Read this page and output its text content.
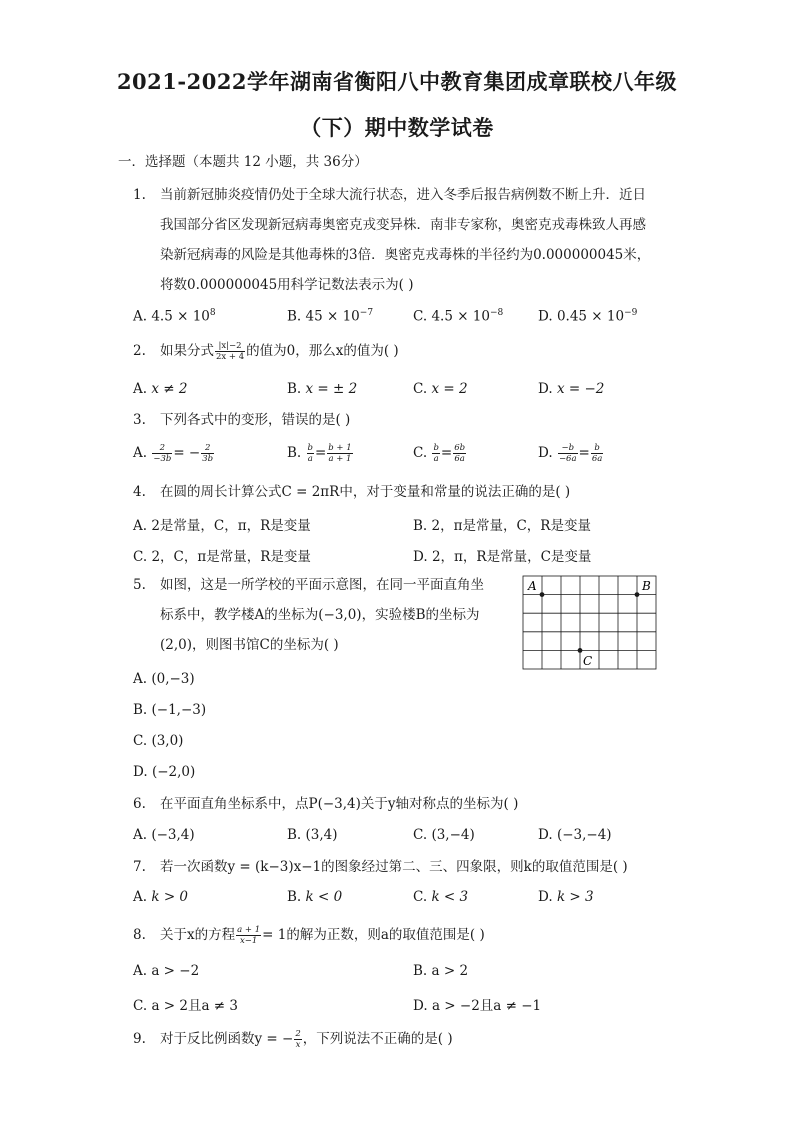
2021-2022学年湖南省衡阳八中教育集团成章联校八年级
（下）期中数学试卷
一．选择题（本题共 12 小题，共 36分）
1.	当前新冠肺炎疫情仍处于全球大流行状态，进入冬季后报告病例数不断上升．近日
我国部分省区发现新冠病毒奥密克戎变异株．南非专家称，奥密克戎毒株致人再感
染新冠病毒的风险是其他毒株的3倍．奥密克戎毒株的半径约为0.000000045米，
将数0.000000045用科学记数法表示为( )
A. $4.5 \times 10^8$	B. $45 \times 10^{-7}$	C. $4.5 \times 10^{-8}$	D. $0.45 \times 10^{-9}$
2.	如果分式 $\frac{|x|-2}{2x + 4}$ 的值为0，那么x的值为( )
A. x ≠ 2	B. x = ± 2	C. x = 2	D. x = −2
3.	下列各式中的变形，错误的是( )
A. $\frac{2}{-3b}$ = − $\frac{2}{3b}$	B. $\frac{b}{a} = \frac{b + 1}{a + 1}$	C. $\frac{b}{a} = \frac{6b}{6a}$	D. $\frac{-b}{-6a} = \frac{b}{6a}$
4.	在圆的周长计算公式C = 2πR中，对于变量和常量的说法正确的是( )
A. 2是常量，C，π，R是变量	B. 2，π是常量，C，R是变量
C. 2，C，π是常量，R是变量	D. 2，π，R是常量，C是变量
5.	如图，这是一所学校的平面示意图，在同一平面直角坐
标系中，教学楼A的坐标为(−3,0)，实验楼B的坐标为
(2,0)，则图书馆C的坐标为( )
A	B
C
A. (0,−3)
B. (−1,−3)
C. (3,0)
D. (−2,0)
6.	在平面直角坐标系中，点P(−3,4)关于y轴对称点的坐标为( )
A. (−3,4)	B. (3,4)	C. (3,−4)	D. (−3,−4)
7.	若一次函数y = (k−3)x−1的图象经过第二、三、四象限，则k的取值范围是( )
A. k > 0	B. k < 0	C. k < 3	D. k > 3
8.	关于x的方程 $\frac{a + 1}{x-1} = 1$的解为正数，则a的取值范围是( )
A. a > −2	B. a > 2
C. a > 2且a ≠ 3	D. a > −2且a ≠ −1
9.	对于反比例函数y = − $\frac{2}{x}$ ，下列说法不正确的是( )
